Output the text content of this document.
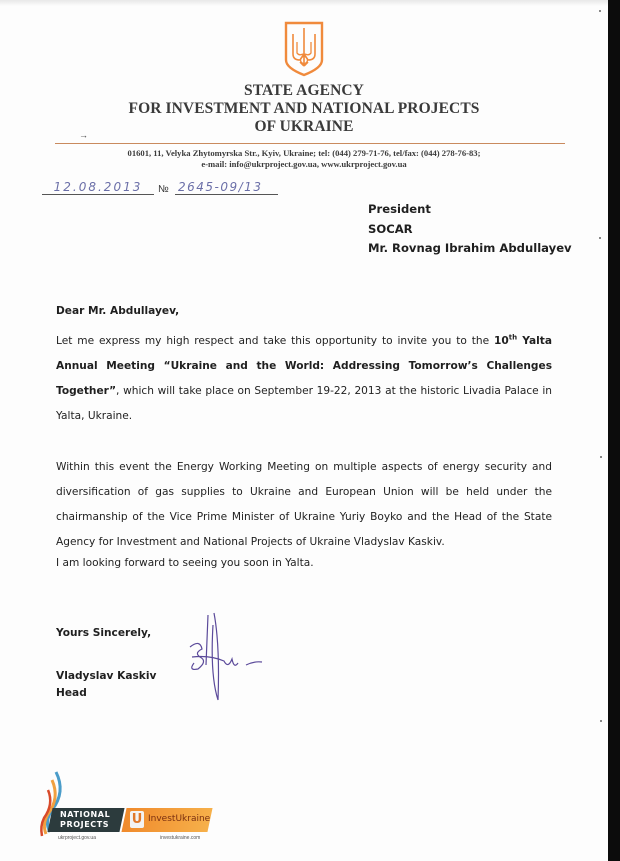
STATE AGENCY
FOR INVESTMENT AND NATIONAL PROJECTS
OF UKRAINE
→
01601, 11, Velyka Zhytomyrska Str., Kyiv, Ukraine; tel: (044) 279-71-76, tel/fax: (044) 278-76-83;
e-mail: info@ukrproject.gov.ua, www.ukrproject.gov.ua
12.08.2013	№ 2645-09/13
President
SOCAR
Mr. Rovnag Ibrahim Abdullayev
Dear Mr. Abdullayev,
Let me express my high respect and take this opportunity to invite you to the 10th Yalta Annual Meeting “Ukraine and the World: Addressing Tomorrow’s Challenges Together”, which will take place on September 19-22, 2013 at the historic Livadia Palace in Yalta, Ukraine.
Within this event the Energy Working Meeting on multiple aspects of energy security and diversification of gas supplies to Ukraine and European Union will be held under the chairmanship of the Vice Prime Minister of Ukraine Yuriy Boyko and the Head of the State Agency for Investment and National Projects of Ukraine Vladyslav Kaskiv.
I am looking forward to seeing you soon in Yalta.
Yours Sincerely,
Vladyslav Kaskiv
Head
NATIONAL
PROJECTS
ukrproject.gov.ua
U InvestUkraine
investukraine.com
